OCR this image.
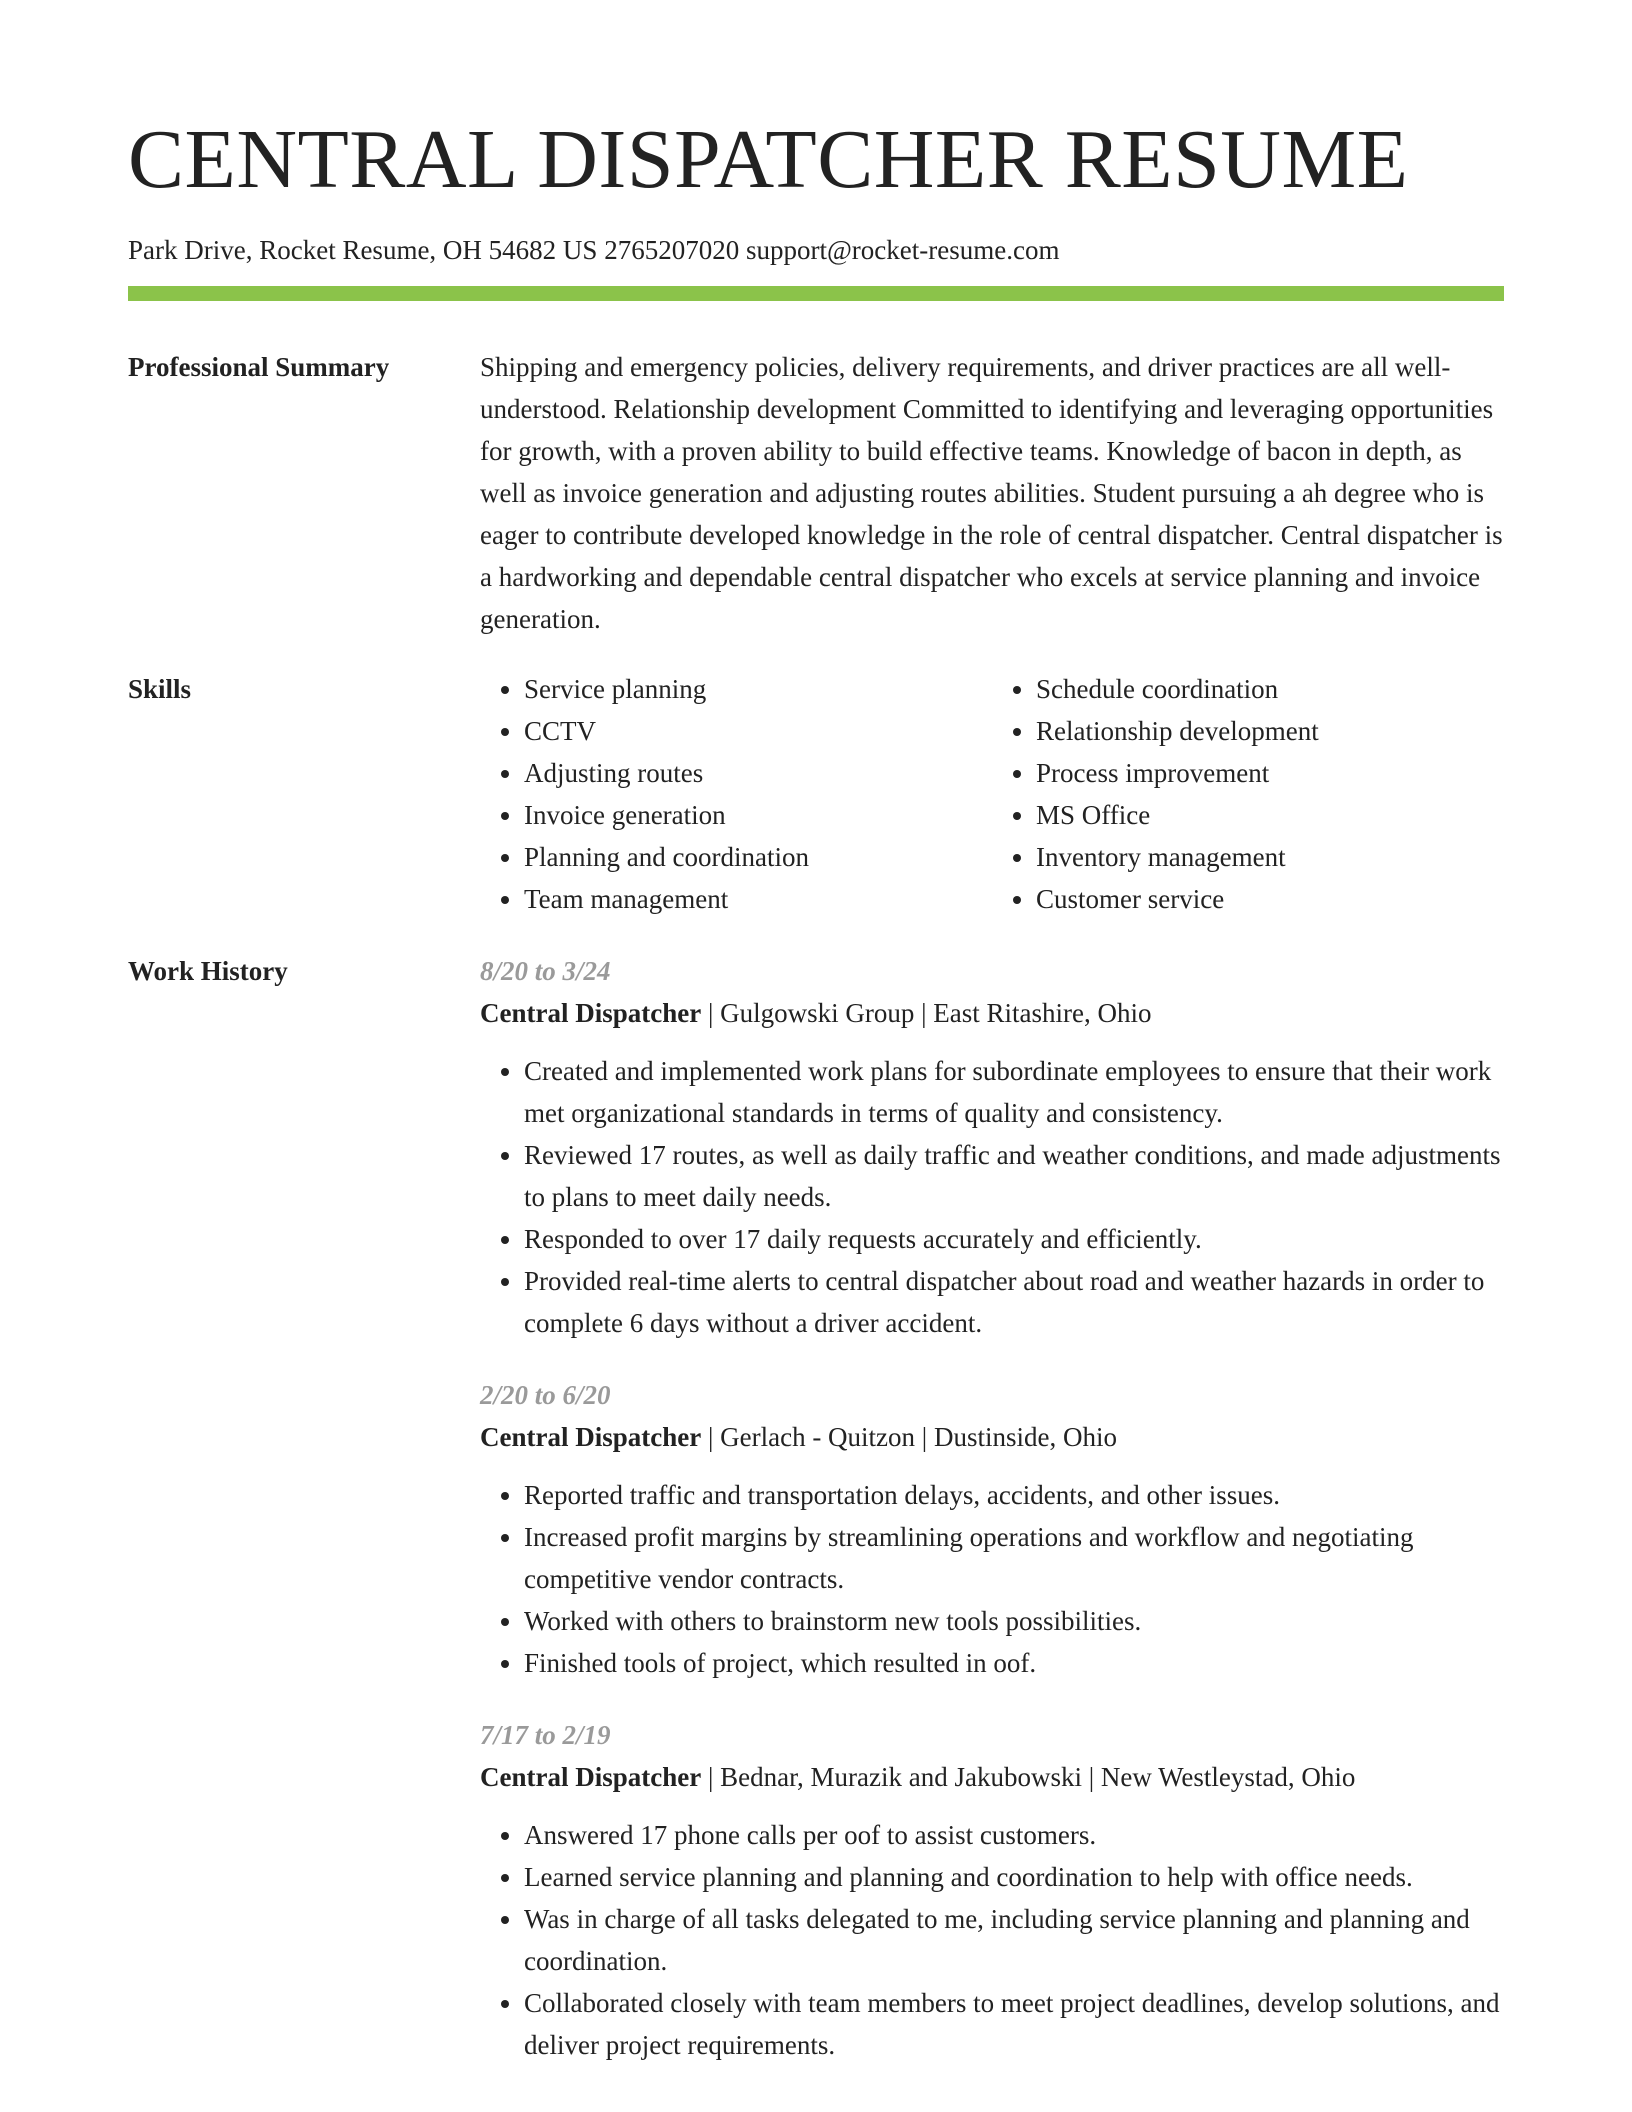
CENTRAL DISPATCHER RESUME
Park Drive, Rocket Resume, OH 54682 US 2765207020 support@rocket-resume.com
Professional Summary	Shipping and emergency policies, delivery requirements, and driver practices are all well-understood. Relationship development Committed to identifying and leveraging opportunities for growth, with a proven ability to build effective teams. Knowledge of bacon in depth, as well as invoice generation and adjusting routes abilities. Student pursuing a ah degree who is eager to contribute developed knowledge in the role of central dispatcher. Central dispatcher is a hardworking and dependable central dispatcher who excels at service planning and invoice generation.

Skills
•	Service planning
• CCTV
• Adjusting routes
• Invoice generation
• Planning and coordination
• Team management
• Schedule coordination
• Relationship development
• Process improvement
• MS Office
• Inventory management
• Customer service
Work History	8/20 to 3/24
Central Dispatcher | Gulgowski Group | East Ritashire, Ohio
• Created and implemented work plans for subordinate employees to ensure that their work met organizational standards in terms of quality and consistency.
• Reviewed 17 routes, as well as daily traffic and weather conditions, and made adjustments to plans to meet daily needs.
• Responded to over 17 daily requests accurately and efficiently.
• Provided real-time alerts to central dispatcher about road and weather hazards in order to complete 6 days without a driver accident.
2/20 to 6/20
Central Dispatcher | Gerlach - Quitzon | Dustinside, Ohio
• Reported traffic and transportation delays, accidents, and other issues.
• Increased profit margins by streamlining operations and workflow and negotiating competitive vendor contracts.
• Worked with others to brainstorm new tools possibilities.
• Finished tools of project, which resulted in oof.
7/17 to 2/19
Central Dispatcher | Bednar, Murazik and Jakubowski | New Westleystad, Ohio
• Answered 17 phone calls per oof to assist customers.
• Learned service planning and planning and coordination to help with office needs.
• Was in charge of all tasks delegated to me, including service planning and planning and coordination.
• Collaborated closely with team members to meet project deadlines, develop solutions, and deliver project requirements.
